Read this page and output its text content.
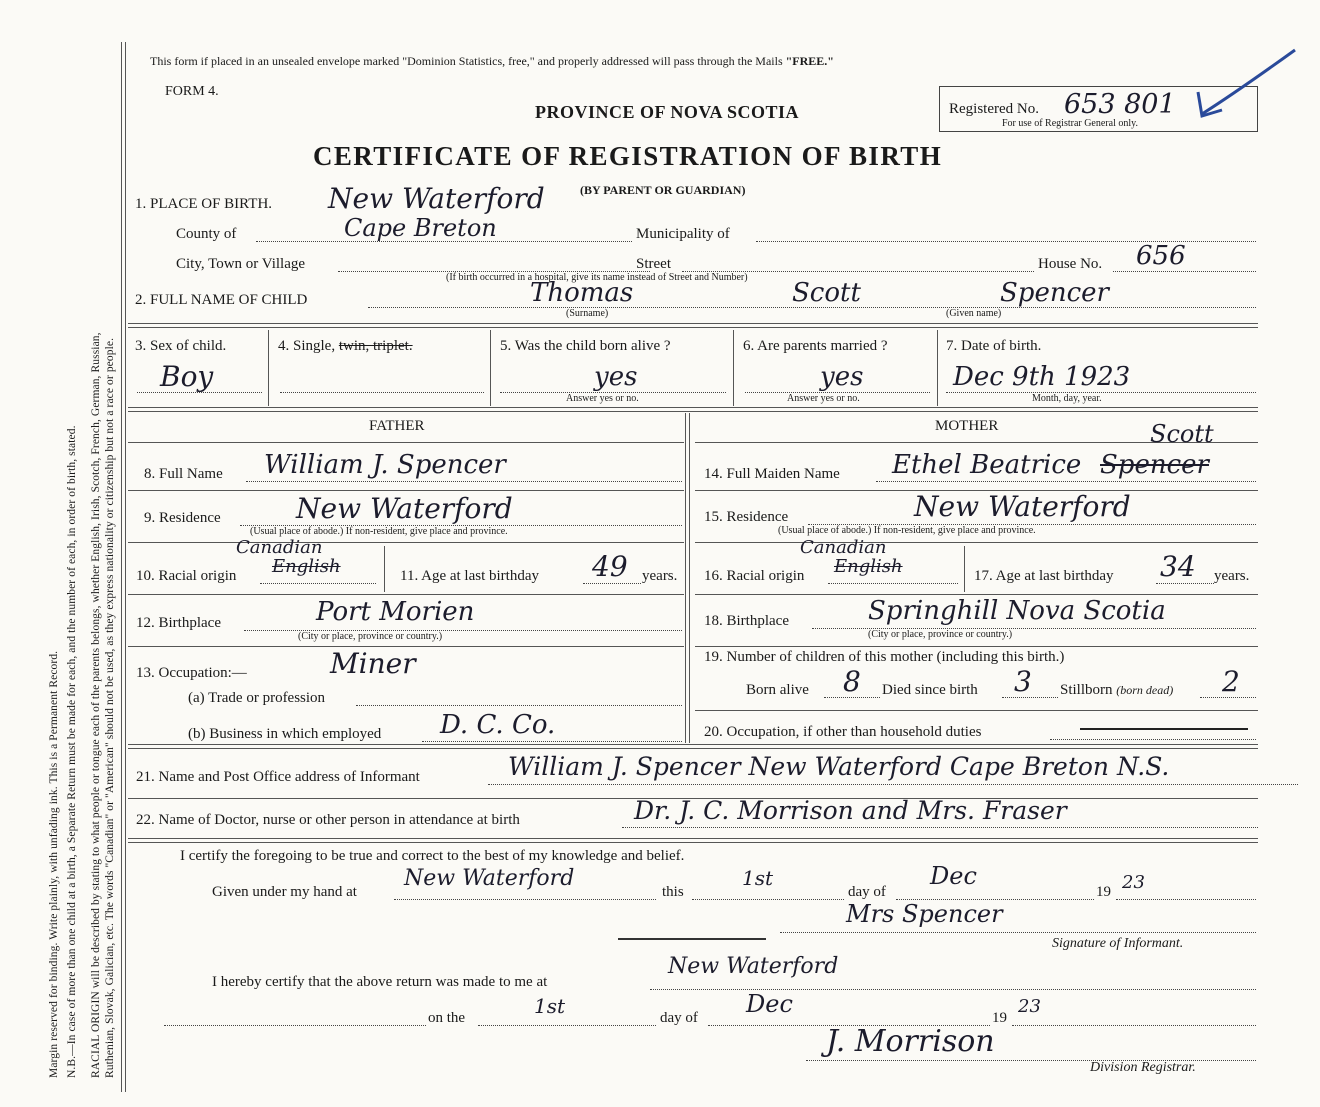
Margin reserved for binding. Write plainly, with unfading ink. This is a Permanent Record. N.B.—In case of more than one child at a birth, a Separate Return must be made for each, and the number of each, in order of birth, stated. RACIAL ORIGIN will be described by stating to what people or tongue each of the parents belongs, whether English, Irish, Scotch, French, German, Russian, Ruthenian, Slovak, Galician, etc. The words "Canadian" or "American" should not be used, as they express nationality or citizenship but not a race or people.
This form if placed in an unsealed envelope marked "Dominion Statistics, free," and properly addressed will pass through the Mails "FREE."
FORM 4.
PROVINCE OF NOVA SCOTIA
CERTIFICATE OF REGISTRATION OF BIRTH
(BY PARENT OR GUARDIAN)
Registered No. 653 801
For use of Registrar General only.
1. PLACE OF BIRTH. New Waterford
County of	Cape Breton	Municipality of
City, Town or Village	Street	House No. 656
(If birth occurred in a hospital, give its name instead of Street and Number)
2. FULL NAME OF CHILD	Thomas	Scott	Spencer
(Surname)	(Given name)
3. Sex of child.
Boy
4. Single, twin, triplet.	5. Was the child born alive ?
yes
Answer yes or no.
6. Are parents married ?
yes
Answer yes or no.
7. Date of birth.
Dec 9th 1923
Month, day, year.
FATHER
8. Full Name William J. Spencer
9. Residence	New Waterford
(Usual place of abode.) If non-resident, give place and province.
10. Racial origin
Canadian
English	11. Age at last birthday 49 years.
12. Birthplace	Port Morien
(City or place, province or country.)
13. Occupation:—	Miner
(a) Trade or profession
(b) Business in which employed D. C. Co.
MOTHER
14. Full Maiden Name Ethel Beatrice Spencer
Scott
15. Residence	New Waterford
(Usual place of abode.) If non-resident, give place and province.
16. Racial origin
Canadian
English	17. Age at last birthday 34 years.
18. Birthplace	Springhill Nova Scotia
(City or place, province or country.)
19. Number of children of this mother (including this birth.)
Born alive 8 Died since birth 3 Stillborn (born dead) 2
20. Occupation, if other than household duties
21. Name and Post Office address of Informant	William J. Spencer New Waterford Cape Breton N.S.
22. Name of Doctor, nurse or other person in attendance at birth	Dr. J. C. Morrison and Mrs. Fraser
I certify the foregoing to be true and correct to the best of my knowledge and belief.
Given under my hand at
New Waterford
this
1st
day of
Dec
19 23
Mrs Spencer
Signature of Informant.
I hereby certify that the above return was made to me at
New Waterford
on the	1st	day of Dec	19
23
J. Morrison
Division Registrar.
